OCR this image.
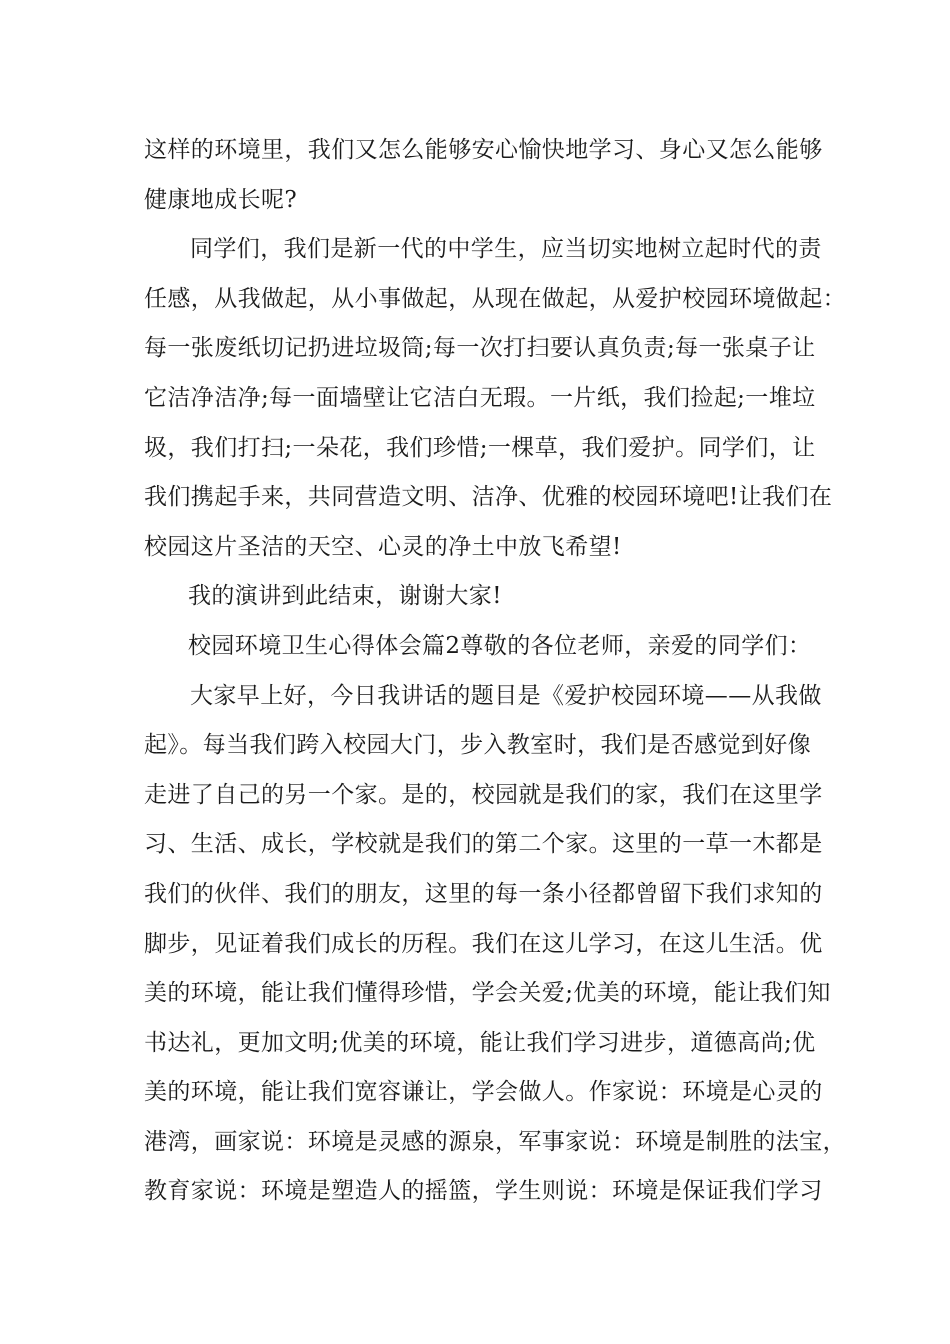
这样的环境里，我们又怎么能够安心愉快地学习、身心又怎么能够
健康地成长呢?
同学们，我们是新一代的中学生，应当切实地树立起时代的责
任感，从我做起，从小事做起，从现在做起，从爱护校园环境做起：
每一张废纸切记扔进垃圾筒;每一次打扫要认真负责;每一张桌子让
它洁净洁净;每一面墙壁让它洁白无瑕。一片纸，我们捡起;一堆垃
圾，我们打扫;一朵花，我们珍惜;一棵草，我们爱护。同学们，让
我们携起手来，共同营造文明、洁净、优雅的校园环境吧!让我们在
校园这片圣洁的天空、心灵的净土中放飞希望!
我的演讲到此结束，谢谢大家!
校园环境卫生心得体会篇2尊敬的各位老师，亲爱的同学们：
大家早上好，今日我讲话的题目是《爱护校园环境——从我做
起》。每当我们跨入校园大门，步入教室时，我们是否感觉到好像
走进了自己的另一个家。是的，校园就是我们的家，我们在这里学
习、生活、成长，学校就是我们的第二个家。这里的一草一木都是
我们的伙伴、我们的朋友，这里的每一条小径都曾留下我们求知的
脚步，见证着我们成长的历程。我们在这儿学习，在这儿生活。优
美的环境，能让我们懂得珍惜，学会关爱;优美的环境，能让我们知
书达礼，更加文明;优美的环境，能让我们学习进步，道德高尚;优
美的环境，能让我们宽容谦让，学会做人。作家说：环境是心灵的
港湾，画家说：环境是灵感的源泉，军事家说：环境是制胜的法宝，
教育家说：环境是塑造人的摇篮，学生则说：环境是保证我们学习
